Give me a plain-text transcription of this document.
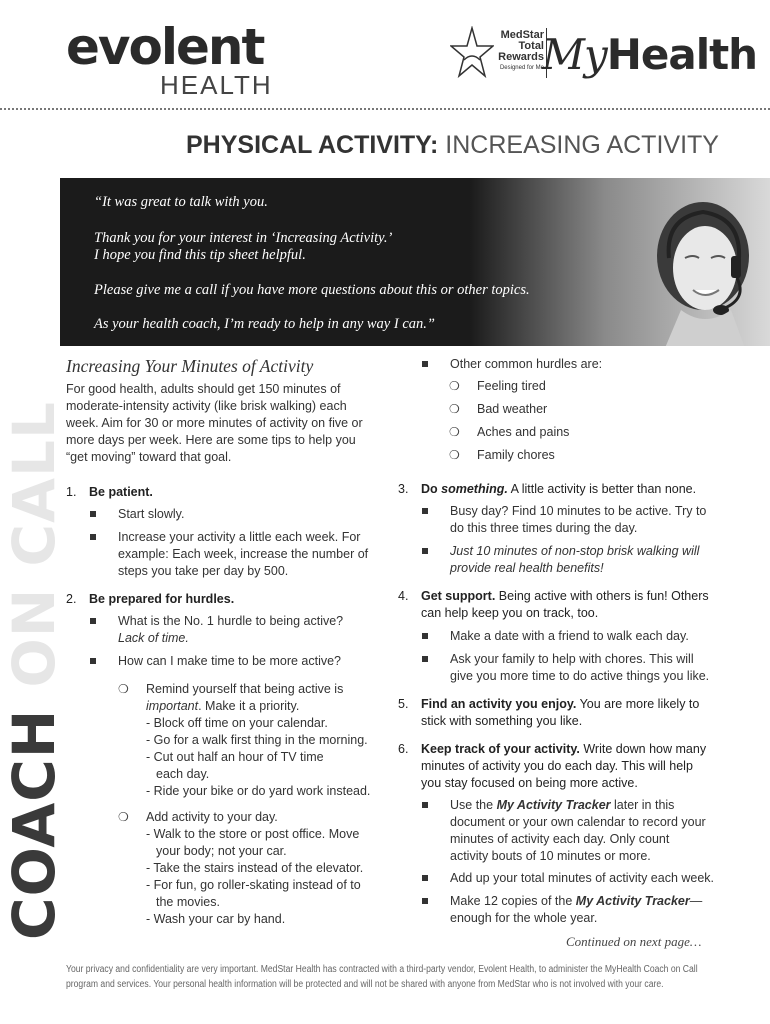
evolent
HEALTH
MedStar
Total
Rewards
Designed for Me
MyHealth
PHYSICAL ACTIVITY: INCREASING ACTIVITY
COACH ON CALL

“It was great to talk with you.

Thank you for your interest in ‘Increasing Activity.’

I hope you find this tip sheet helpful.

Please give me a call if you have more questions about this or other topics.

As your health coach, I’m ready to help in any way I can.”

Increasing Your Minutes of Activity
For good health, adults should get 150 minutes of
moderate-intensity activity (like brisk walking) each
week. Aim for 30 or more minutes of activity on five or
more days per week. Here are some tips to help you
“get moving” toward that goal.
1. Be patient.
Start slowly.
Increase your activity a little each week. For
example: Each week, increase the number of
steps you take per day by 500.
2. Be prepared for hurdles.
What is the No. 1 hurdle to being active?
Lack of time.
How can I make time to be more active?
❍ Remind yourself that being active is
important. Make it a priority.
- Block off time on your calendar.
- Go for a walk first thing in the morning.
- Cut out half an hour of TV time
each day.
- Ride your bike or do yard work instead.
❍ Add activity to your day.
- Walk to the store or post office. Move
your body; not your car.
- Take the stairs instead of the elevator.
- For fun, go roller-skating instead of to
the movies.
- Wash your car by hand.
Other common hurdles are:
❍ Feeling tired
❍ Bad weather
❍ Aches and pains
❍ Family chores
3. Do something. A little activity is better than none.
Busy day? Find 10 minutes to be active. Try to
do this three times during the day.
Just 10 minutes of non-stop brisk walking will
provide real health benefits!
4. Get support. Being active with others is fun! Others
can help keep you on track, too.
Make a date with a friend to walk each day.
Ask your family to help with chores. This will
give you more time to do active things you like.
5. Find an activity you enjoy. You are more likely to
stick with something you like.
6. Keep track of your activity. Write down how many
minutes of activity you do each day. This will help
you stay focused on being more active.
Use the My Activity Tracker later in this
document or your own calendar to record your
minutes of activity each day. Only count
activity bouts of 10 minutes or more.
Add up your total minutes of activity each week.
Make 12 copies of the My Activity Tracker—
enough for the whole year.
Continued on next page…
Your privacy and confidentiality are very important. MedStar Health has contracted with a third-party vendor, Evolent Health, to administer the MyHealth Coach on Call
program and services. Your personal health information will be protected and will not be shared with anyone from MedStar who is not involved with your care.
